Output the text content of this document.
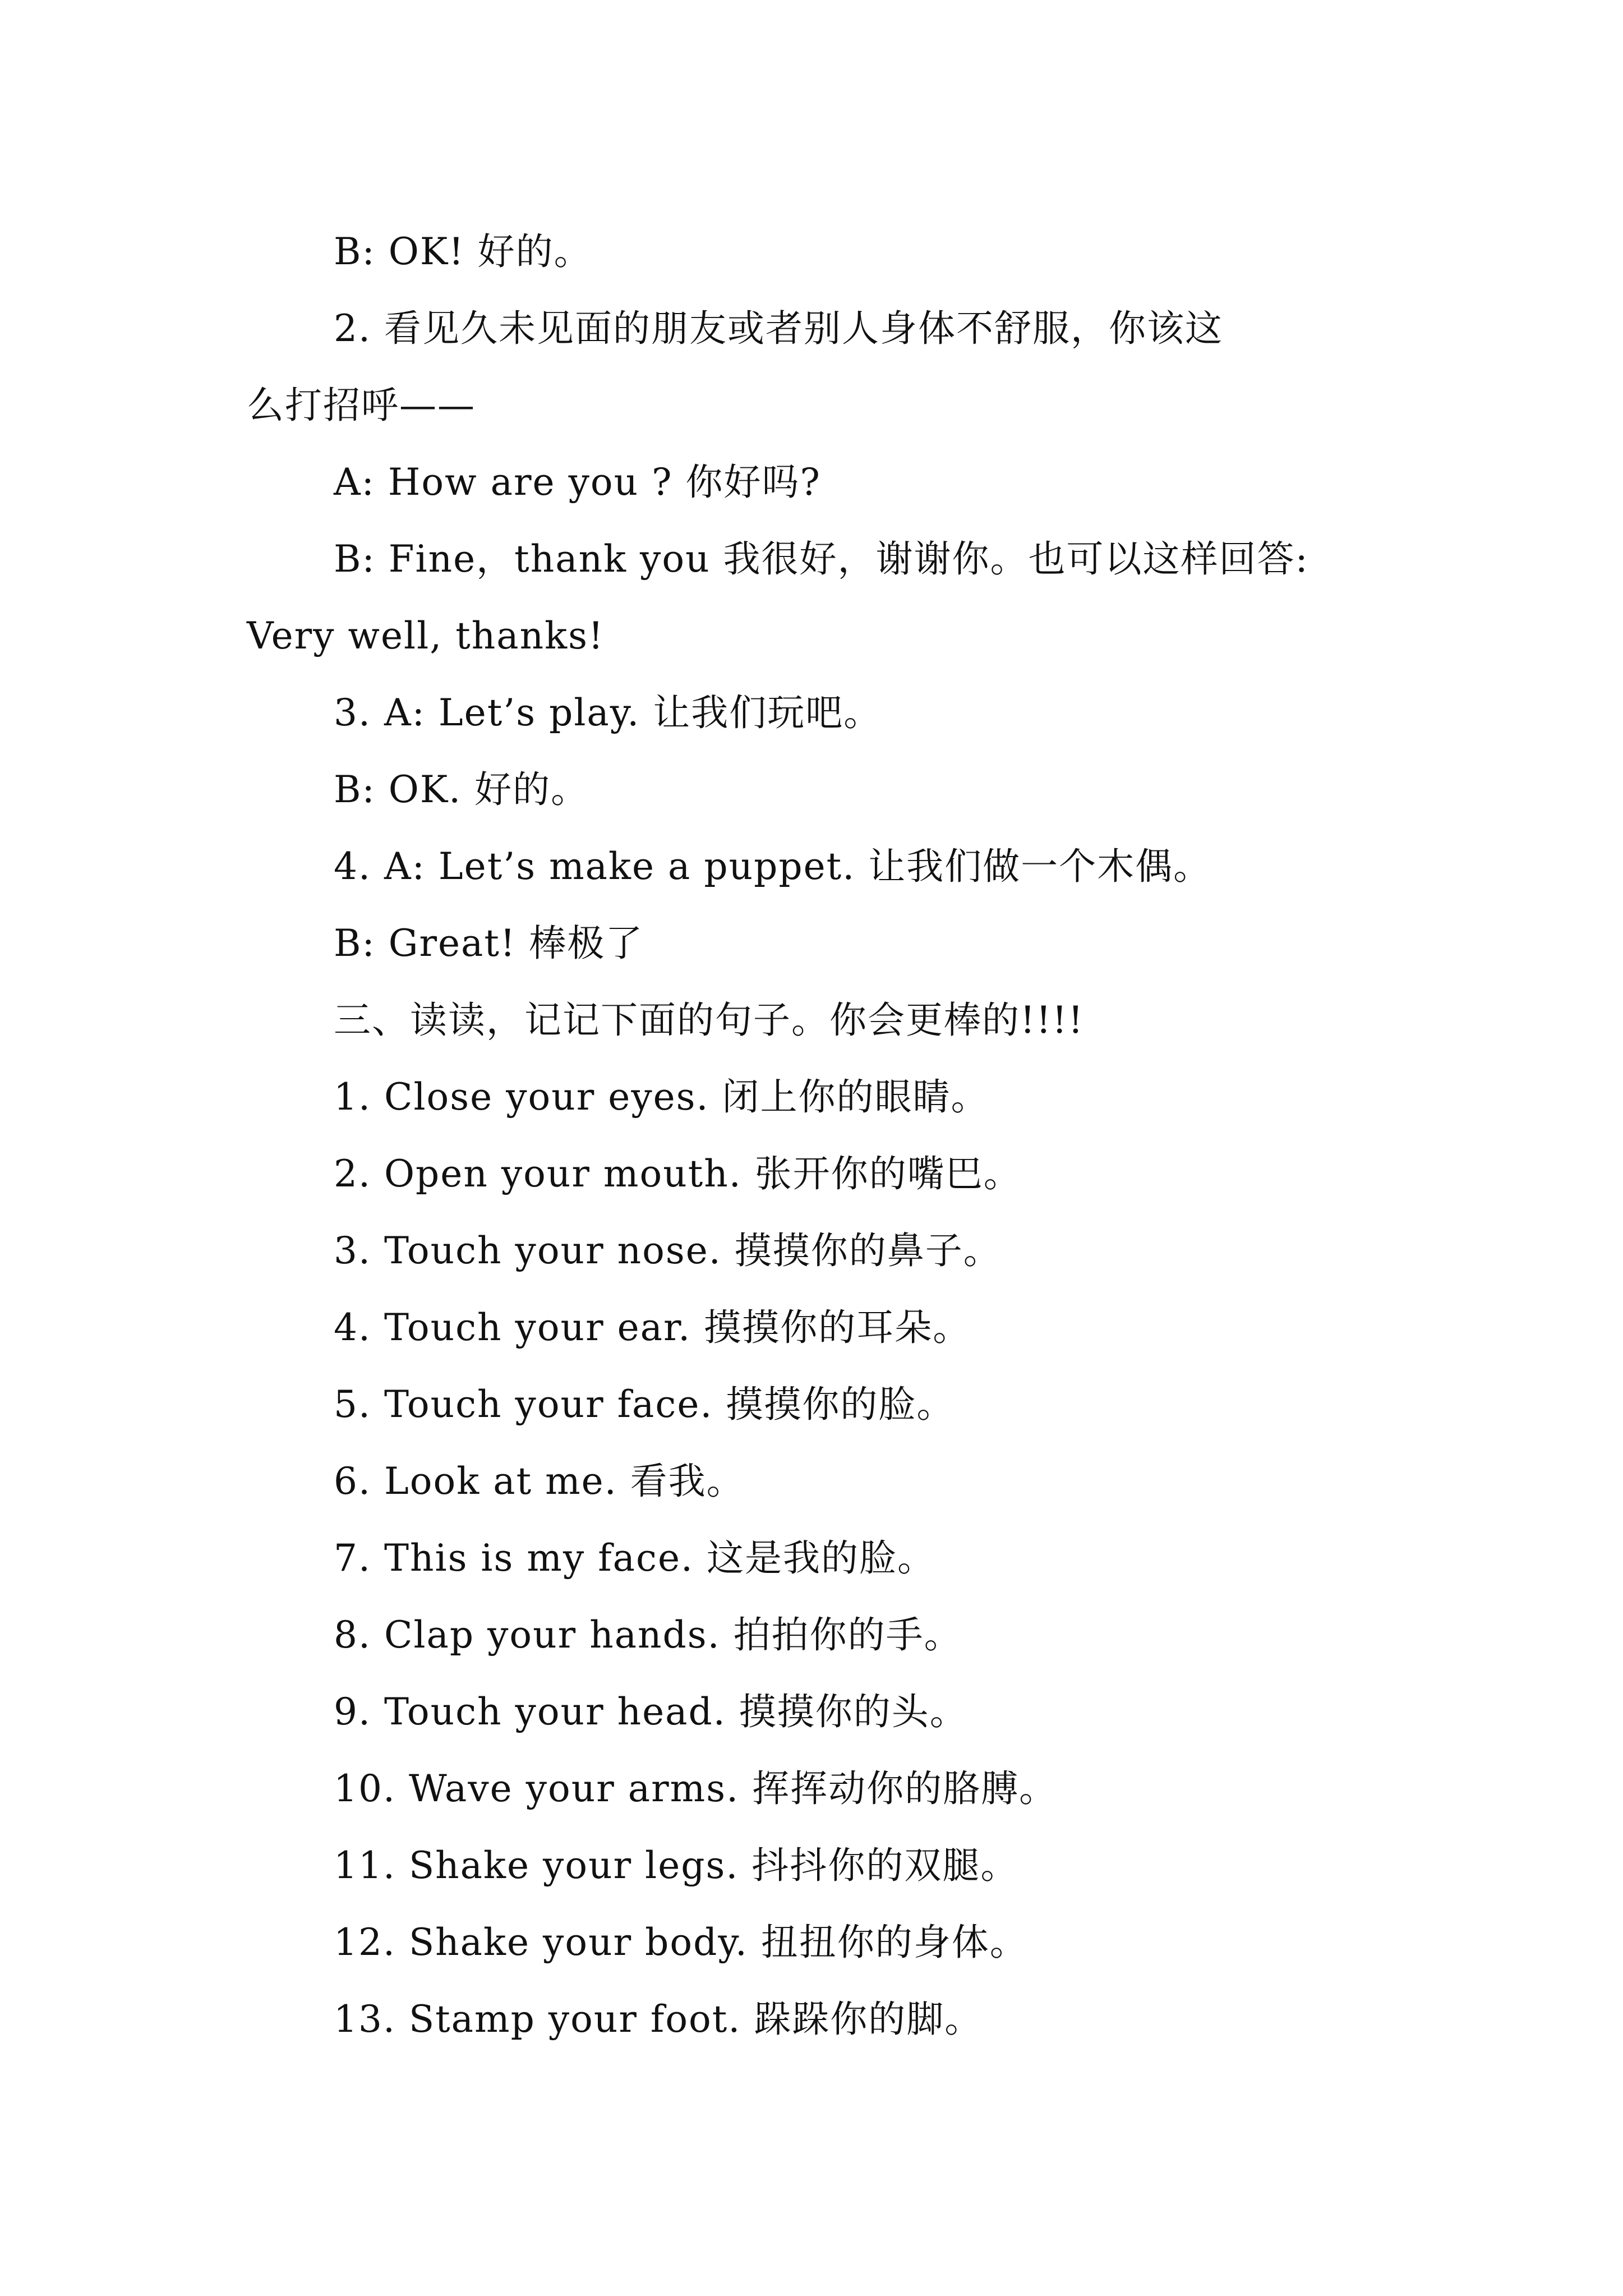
B: OK! 好的。
2. 看见久未见面的朋友或者别人身体不舒服，你该这
么打招呼——
A: How are you ? 你好吗?
B: Fine，thank you 我很好，谢谢你。也可以这样回答:
Very well, thanks!
3. A: Let’s play. 让我们玩吧。
B: OK. 好的。
4. A: Let’s make a puppet. 让我们做一个木偶。
B: Great! 棒极了
三、读读，记记下面的句子。你会更棒的!!!!
1. Close your eyes. 闭上你的眼睛。
2. Open your mouth. 张开你的嘴巴。
3. Touch your nose. 摸摸你的鼻子。
4. Touch your ear. 摸摸你的耳朵。
5. Touch your face. 摸摸你的脸。
6. Look at me. 看我。
7. This is my face. 这是我的脸。
8. Clap your hands. 拍拍你的手。
9. Touch your head. 摸摸你的头。
10. Wave your arms. 挥挥动你的胳膊。
11. Shake your legs. 抖抖你的双腿。
12. Shake your body. 扭扭你的身体。
13. Stamp your foot. 跺跺你的脚。
